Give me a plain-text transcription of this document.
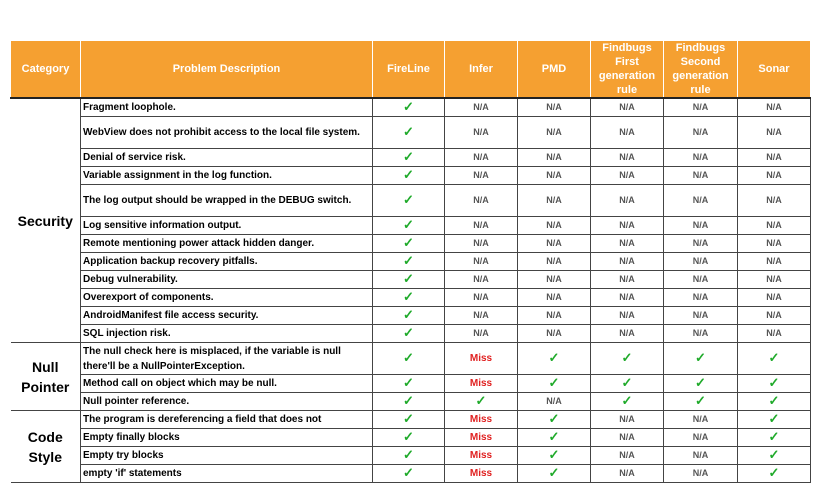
Category	Problem Description	FireLine	Infer	PMD	Findbugs First generation rule	Findbugs Second generation rule	Sonar

Security	Fragment loophole.	✓	N/A	N/A	N/A	N/A	N/A
	WebView does not prohibit access to the local file system.	✓	N/A	N/A	N/A	N/A	N/A
	Denial of service risk.	✓	N/A	N/A	N/A	N/A	N/A
	Variable assignment in the log function.	✓	N/A	N/A	N/A	N/A	N/A
	The log output should be wrapped in the DEBUG switch.	✓	N/A	N/A	N/A	N/A	N/A
	Log sensitive information output.	✓	N/A	N/A	N/A	N/A	N/A
	Remote mentioning power attack hidden danger.	✓	N/A	N/A	N/A	N/A	N/A
	Application backup recovery pitfalls.	✓	N/A	N/A	N/A	N/A	N/A
	Debug vulnerability.	✓	N/A	N/A	N/A	N/A	N/A
	Overexport of components.	✓	N/A	N/A	N/A	N/A	N/A
	AndroidManifest file access security.	✓	N/A	N/A	N/A	N/A	N/A
	SQL injection risk.	✓	N/A	N/A	N/A	N/A	N/A

Null
Pointer	The null check here is misplaced, if the variable is null there'll be a NullPointerException.	✓	Miss	✓	✓	✓	✓
	Method call on object which may be null.	✓	Miss	✓	✓	✓	✓
	Null pointer reference.	✓	✓	N/A	✓	✓	✓

Code
Style	The program is dereferencing a field that does not	✓	Miss	✓	N/A	N/A	✓
	Empty finally blocks	✓	Miss	✓	N/A	N/A	✓
	Empty try blocks	✓	Miss	✓	N/A	N/A	✓
	empty 'if' statements	✓	Miss	✓	N/A	N/A	✓
